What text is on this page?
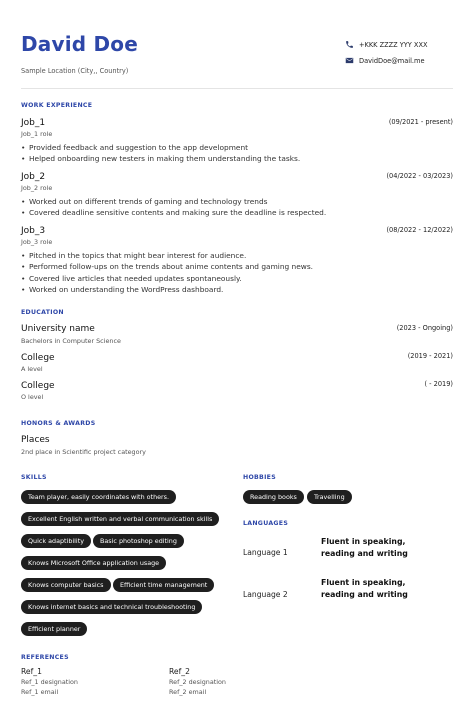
David Doe
Sample Location (City,, Country)
+KKK ZZZZ YYY XXX
DavidDoe@mail.me
WORK EXPERIENCE
Job_1
Job_1 role
(09/2021 - present)
• Provided feedback and suggestion to the app development
• Helped onboarding new testers in making them understanding the tasks.
Job_2
Job_2 role
(04/2022 - 03/2023)
• Worked out on different trends of gaming and technology trends
• Covered deadline sensitive contents and making sure the deadline is respected.
Job_3
Job_3 role
(08/2022 - 12/2022)
• Pitched in the topics that might bear interest for audience.
• Performed follow-ups on the trends about anime contents and gaming news.
• Covered live articles that needed updates spontaneously.
• Worked on understanding the WordPress dashboard.
EDUCATION
University name
Bachelors in Computer Science
(2023 - Ongoing)
College
A level
(2019 - 2021)
College
O level
( - 2019)
HONORS & AWARDS
Places
2nd place in Scientific project category
SKILLS
Team player, easily coordinates with others.
Excellent English written and verbal communication skills
Quick adaptibility	Basic photoshop editing
Knows Microsoft Office application usage
Knows computer basics	Efficient time management
Knows internet basics and technical troubleshooting
Efficient planner
HOBBIES
Reading books	Travelling
LANGUAGES
Language 1
Fluent in speaking, reading and writing
Language 2
Fluent in speaking, reading and writing
REFERENCES
Ref_1
Ref_1 designation
Ref_1 email
Ref_2
Ref_2 designation
Ref_2 email
